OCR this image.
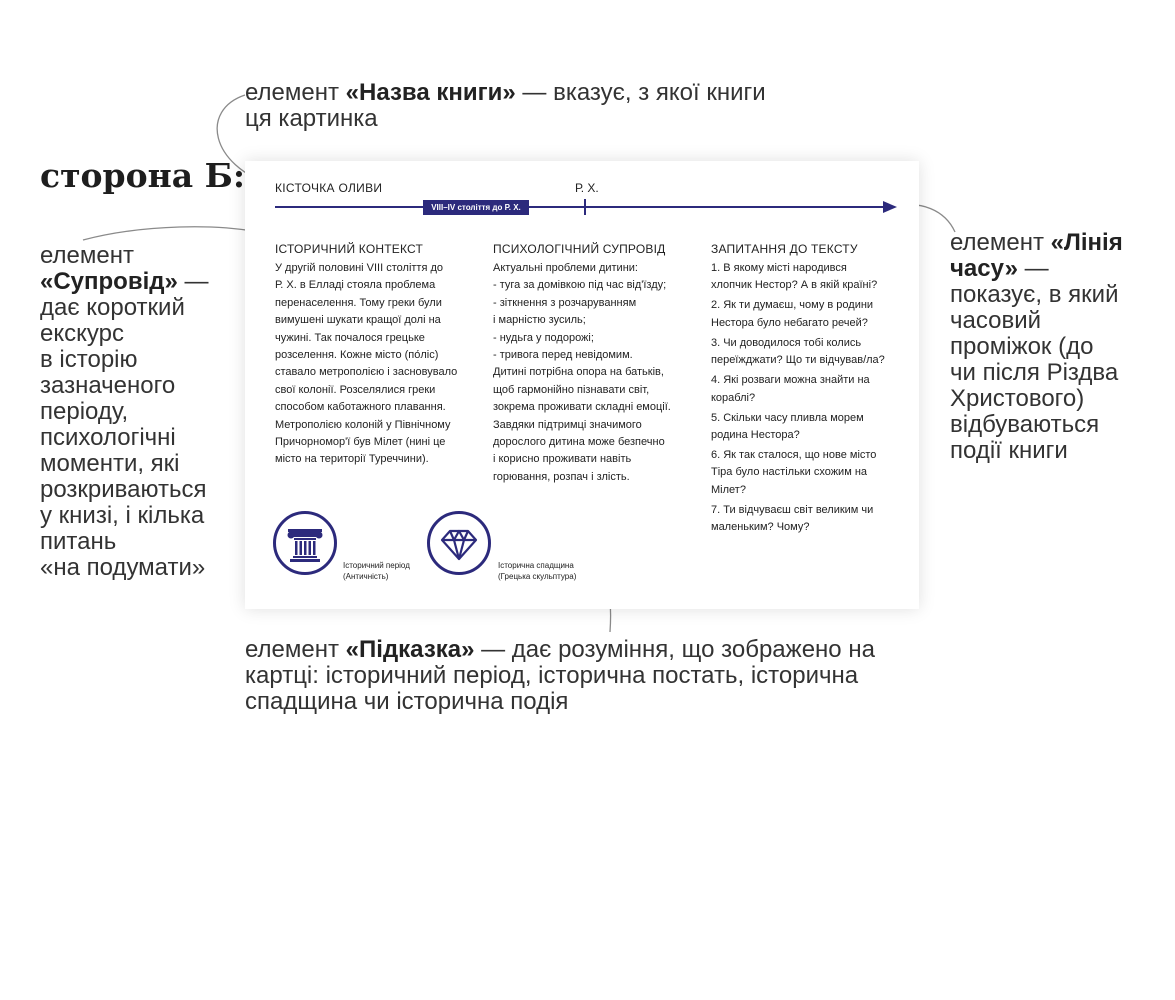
елемент «Назва книги» — вказує, з якої книги
ця картинка
сторона Б:
елемент
«Супровід» — дає короткий
екскурс
в історію
зазначеного
періоду,
психологічні
моменти, які
розкриваються
у книзі, і кілька
питань
«на подумати»
елемент «Лінія часу» —
показує, в який
часовий
проміжок (до
чи після Різдва
Христового)
відбуваються
події книги
елемент «Підказка» — дає розуміння, що зображено на
картці: історичний період, історична постать, історична
спадщина чи історична подія
КІСТОЧКА ОЛИВИ	Р. Х.
VIII–IV століття до Р. Х.
ІСТОРИЧНИЙ КОНТЕКСТ

У другій половині VIII століття до

Р. Х. в Елладі стояла проблема

перенаселення. Тому греки були

вимушені шукати кращої долі на

чужині. Так почалося грецьке

розселення. Кожне місто (по́ліс)

ставало метрополією і засновувало

свої колонії. Розселялися греки

способом каботажного плавання.

Метрополією колоній у Північному

Причорномор'ї був Мілет (нині це

місто на території Туреччини).

ПСИХОЛОГІЧНИЙ СУПРОВІД

Актуальні проблеми дитини:

- туга за домівкою під час від'їзду;

- зіткнення з розчаруванням

і марністю зусиль;

- нудьга у подорожі;

- тривога перед невідомим.

Дитині потрібна опора на батьків,

щоб гармонійно пізнавати світ,

зокрема проживати складні емоції.

Завдяки підтримці значимого

дорослого дитина може безпечно

і корисно проживати навіть

горювання, розпач і злість.

ЗАПИТАННЯ ДО ТЕКСТУ

1. В якому місті народився

хлопчик Нестор? А в якій країні?

2. Як ти думаєш, чому в родини

Нестора було небагато речей?

3. Чи доводилося тобі колись

переїжджати? Що ти відчував/ла?

4. Які розваги можна знайти на

кораблі?

5. Скільки часу пливла морем

родина Нестора?

6. Як так сталося, що нове місто

Тіра було настільки схожим на

Мілет?

7. Ти відчуваєш світ великим чи

маленьким? Чому?

Історичний період
(Античність)
Історична спадщина
(Грецька скульптура)
